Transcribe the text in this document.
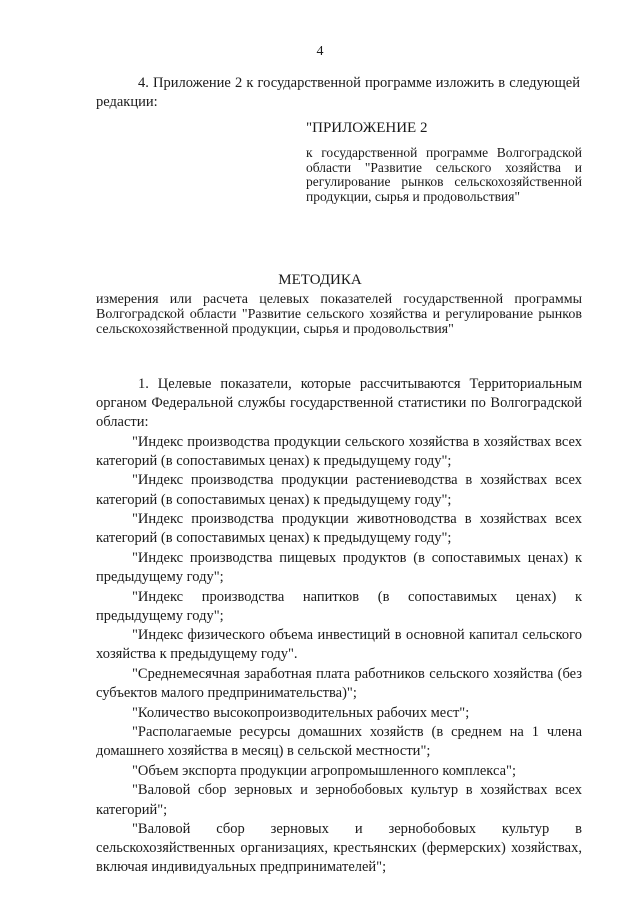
4
4. Приложение 2 к государственной программе изложить в следующей редакции:
"ПРИЛОЖЕНИЕ 2
к государственной программе Волгоградской области "Развитие сельского хозяйства и регулирование рынков сельскохозяйственной продукции, сырья и продовольствия"
МЕТОДИКА
измерения или расчета целевых показателей государственной программы Волгоградской области "Развитие сельского хозяйства и регулирование рынков сельскохозяйственной продукции, сырья и продовольствия"

1. Целевые показатели, которые рассчитываются Территориальным органом Федеральной службы государственной статистики по Волгоградской области:

"Индекс производства продукции сельского хозяйства в хозяйствах всех категорий (в сопоставимых ценах) к предыдущему году";

"Индекс производства продукции растениеводства в хозяйствах всех категорий (в сопоставимых ценах) к предыдущему году";

"Индекс производства продукции животноводства в хозяйствах всех категорий (в сопоставимых ценах) к предыдущему году";

"Индекс производства пищевых продуктов (в сопоставимых ценах) к предыдущему году";

"Индекс производства напитков (в сопоставимых ценах) к предыдущему году";

"Индекс физического объема инвестиций в основной капитал сельского хозяйства к предыдущему году".

"Среднемесячная заработная плата работников сельского хозяйства (без субъектов малого предпринимательства)";

"Количество высокопроизводительных рабочих мест";

"Располагаемые ресурсы домашних хозяйств (в среднем на 1 члена домашнего хозяйства в месяц) в сельской местности";

"Объем экспорта продукции агропромышленного комплекса";

"Валовой сбор зерновых и зернобобовых культур в хозяйствах всех категорий";

"Валовой сбор зерновых и зернобобовых культур в сельскохозяйственных организациях, крестьянских (фермерских) хозяйствах, включая индивидуальных предпринимателей";
